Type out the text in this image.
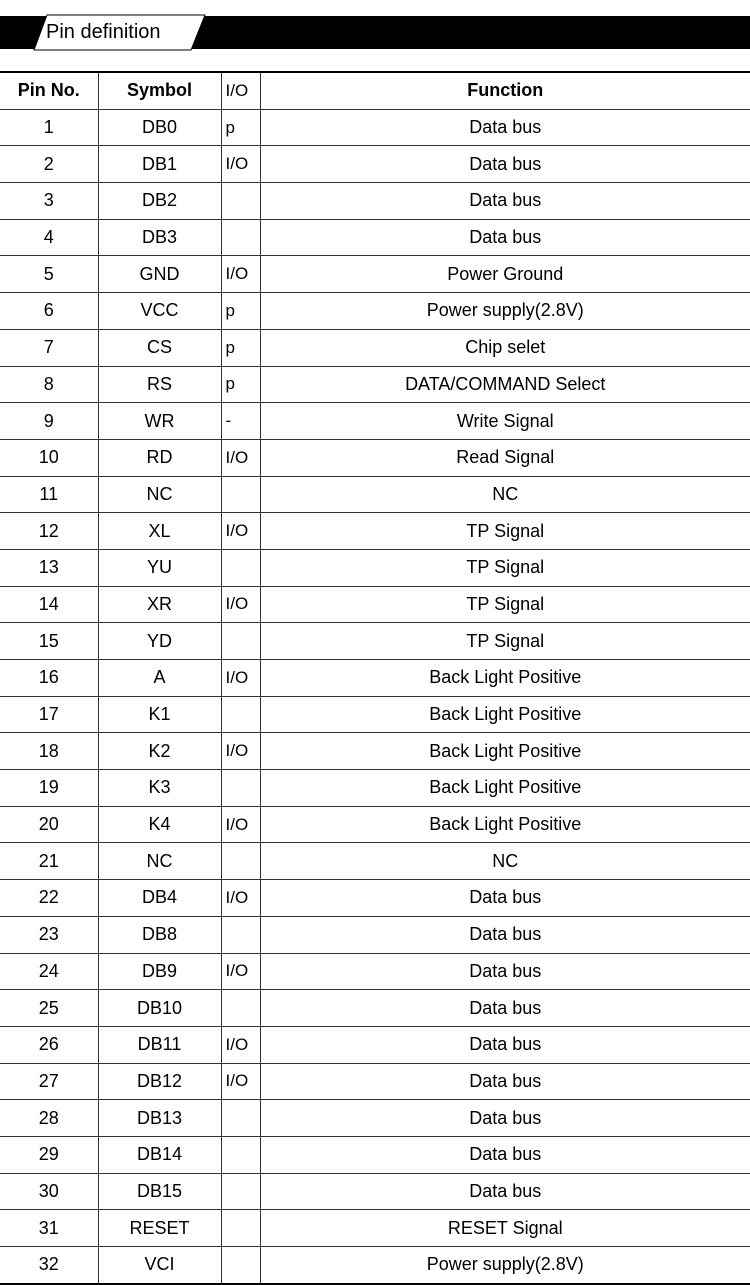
Pin definition
Pin No.	Symbol	I/O	Function
1	DB0	p	Data bus
2	DB1	I/O	Data bus
3	DB2		Data bus
4	DB3		Data bus
5	GND	I/O	Power Ground
6	VCC	p	Power supply(2.8V)
7	CS	p	Chip selet
8	RS	p	DATA/COMMAND Select
9	WR	-	Write Signal
10	RD	I/O	Read Signal
11	NC		NC
12	XL	I/O	TP Signal
13	YU		TP Signal
14	XR	I/O	TP Signal
15	YD		TP Signal
16	A	I/O	Back Light Positive
17	K1		Back Light Positive
18	K2	I/O	Back Light Positive
19	K3		Back Light Positive
20	K4	I/O	Back Light Positive
21	NC		NC
22	DB4	I/O	Data bus
23	DB8		Data bus
24	DB9	I/O	Data bus
25	DB10		Data bus
26	DB11	I/O	Data bus
27	DB12	I/O	Data bus
28	DB13		Data bus
29	DB14		Data bus
30	DB15		Data bus
31	RESET		RESET Signal
32	VCI		Power supply(2.8V)
